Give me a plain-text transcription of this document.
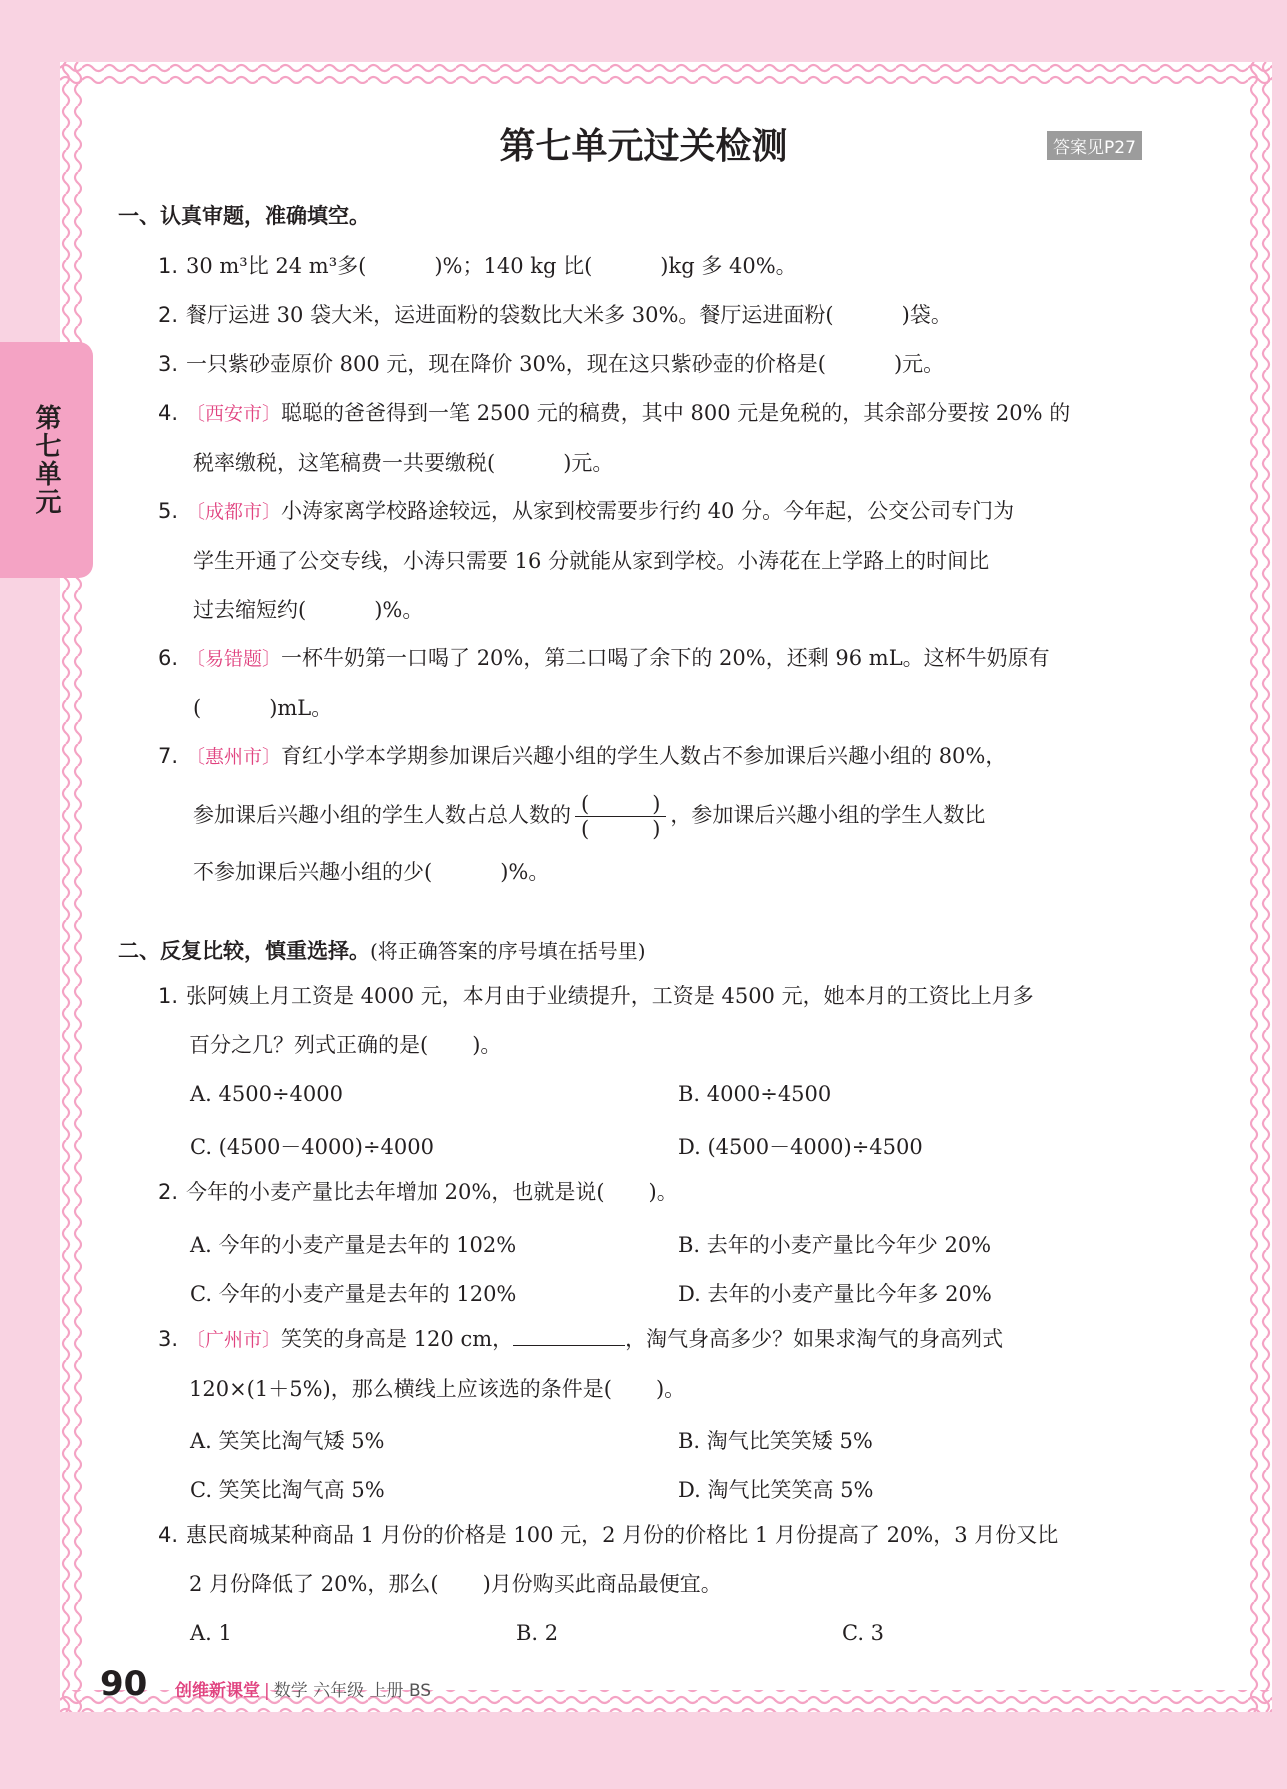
第七单元
第七单元过关检测	答案见P27
一、认真审题，准确填空。
1. 30 m³比 24 m³多(	)%；140 kg 比(	)kg 多 40%。
2. 餐厅运进 30 袋大米，运进面粉的袋数比大米多 30%。餐厅运进面粉(	)袋。
3. 一只紫砂壶原价 800 元，现在降价 30%，现在这只紫砂壶的价格是(	)元。
4. 〔西安市〕聪聪的爸爸得到一笔 2500 元的稿费，其中 800 元是免税的，其余部分要按 20% 的
税率缴税，这笔稿费一共要缴税(	)元。
5. 〔成都市〕小涛家离学校路途较远，从家到校需要步行约 40 分。今年起，公交公司专门为
学生开通了公交专线，小涛只需要 16 分就能从家到学校。小涛花在上学路上的时间比
过去缩短约(	)%。
6. 〔易错题〕一杯牛奶第一口喝了 20%，第二口喝了余下的 20%，还剩 96 mL。这杯牛奶原有
(	)mL。
7. 〔惠州市〕育红小学本学期参加课后兴趣小组的学生人数占不参加课后兴趣小组的 80%，
参加课后兴趣小组的学生人数占总人数的 $\frac{( )}{( )}$ ，参加课后兴趣小组的学生人数比
不参加课后兴趣小组的少(	)%。
二、反复比较，慎重选择。(将正确答案的序号填在括号里)
1. 张阿姨上月工资是 4000 元，本月由于业绩提升，工资是 4500 元，她本月的工资比上月多
百分之几？列式正确的是( )。
A. 4500÷4000	B. 4000÷4500
C. (4500－4000)÷4000	D. (4500－4000)÷4500
2. 今年的小麦产量比去年增加 20%，也就是说( )。
A. 今年的小麦产量是去年的 102%	B. 去年的小麦产量比今年少 20%
C. 今年的小麦产量是去年的 120%	D. 去年的小麦产量比今年多 20%
3. 〔广州市〕笑笑的身高是 120 cm，	，淘气身高多少？如果求淘气的身高列式
120×(1＋5%)，那么横线上应该选的条件是( )。
A. 笑笑比淘气矮 5%	B. 淘气比笑笑矮 5%
C. 笑笑比淘气高 5%	D. 淘气比笑笑高 5%
4. 惠民商城某种商品 1 月份的价格是 100 元，2 月份的价格比 1 月份提高了 20%，3 月份又比
2 月份降低了 20%，那么( )月份购买此商品最便宜。
A. 1	B. 2	C. 3
90 创维新课堂 | 数学 六年级 上册 BS
